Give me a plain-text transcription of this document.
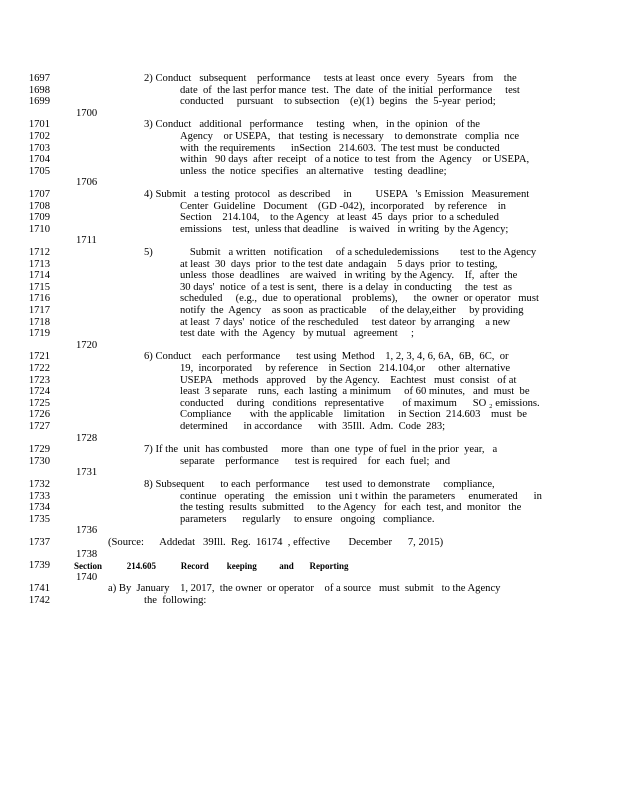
1697	2) Conduct   subsequent    performance     tests at least  once  every   5years   from    the
1698	date  of  the last perfor mance  test.  The  date  of  the initial  performance     test
1699	conducted     pursuant    to subsection    (e)(1)  begins   the  5-year  period;
1700
1701	3) Conduct   additional   performance     testing   when,   in the  opinion   of the
1702	Agency    or USEPA,   that  testing  is necessary    to demonstrate   complia  nce
1703	with  the requirements      inSection   214.603.  The test must  be conducted
1704	within   90 days  after  receipt   of a notice  to test  from  the  Agency    or USEPA,
1705	unless  the  notice  specifies   an alternative    testing  deadline;
1706
1707	4) Submit   a testing  protocol   as described     in         USEPA   's Emission   Measurement
1708	Center  Guideline   Document    (GD -042),  incorporated    by reference    in
1709	Section    214.104,    to the Agency   at least  45  days  prior  to a scheduled
1710	emissions    test,  unless that deadline    is waived   in writing  by the Agency;
1711
1712	5)              Submit   a written   notification     of a scheduledemissions        test to the Agency
1713	at least  30  days  prior  to the test date  andagain    5 days  prior  to testing,
1714	unless  those  deadlines    are waived   in writing  by the Agency.    If,  after  the
1715	30 days'  notice  of a test is sent,  there  is a delay  in conducting     the  test  as
1716	scheduled     (e.g.,  due  to operational    problems),      the  owner  or operator   must
1717	notify  the  Agency    as soon  as practicable     of the delay,either     by providing
1718	at least  7 days'  notice  of the rescheduled     test dateor  by arranging    a new
1719	test date  with  the  Agency   by mutual   agreement     ;
1720
1721	6) Conduct    each  performance      test using  Method    1, 2, 3, 4, 6, 6A,  6B,  6C,  or
1722	19,  incorporated     by reference    in Section   214.104,or     other  alternative
1723	USEPA    methods   approved    by the Agency.    Eachtest   must  consist   of at
1724	least  3 separate    runs,  each  lasting  a minimum     of 60 minutes,   and  must  be
1725	conducted     during   conditions   representative       of maximum      SO ₂ emissions.
1726	Compliance       with  the applicable    limitation     in Section  214.603    must  be
1727	determined      in accordance      with  35Ill.  Adm.  Code  283;
1728
1729	7) If the  unit  has combusted     more   than  one  type  of fuel  in the prior  year,   a
1730	separate    performance      test is required    for  each  fuel;  and
1731
1732	8) Subsequent      to each  performance      test used  to demonstrate     compliance,
1733	continue   operating    the  emission   uni t within  the parameters     enumerated      in
1734	the testing  results  submitted     to the Agency   for  each  test, and  monitor   the
1735	parameters      regularly     to ensure   ongoing   compliance.
1736
1737	(Source:      Addedat   39Ill.  Reg.  16174  , effective       December      7, 2015)
1738
1739	Section           214.605           Record        keeping          and       Reporting
1740
1741	a) By  January    1, 2017,  the owner  or operator    of a source   must  submit   to the Agency
1742	the  following:
